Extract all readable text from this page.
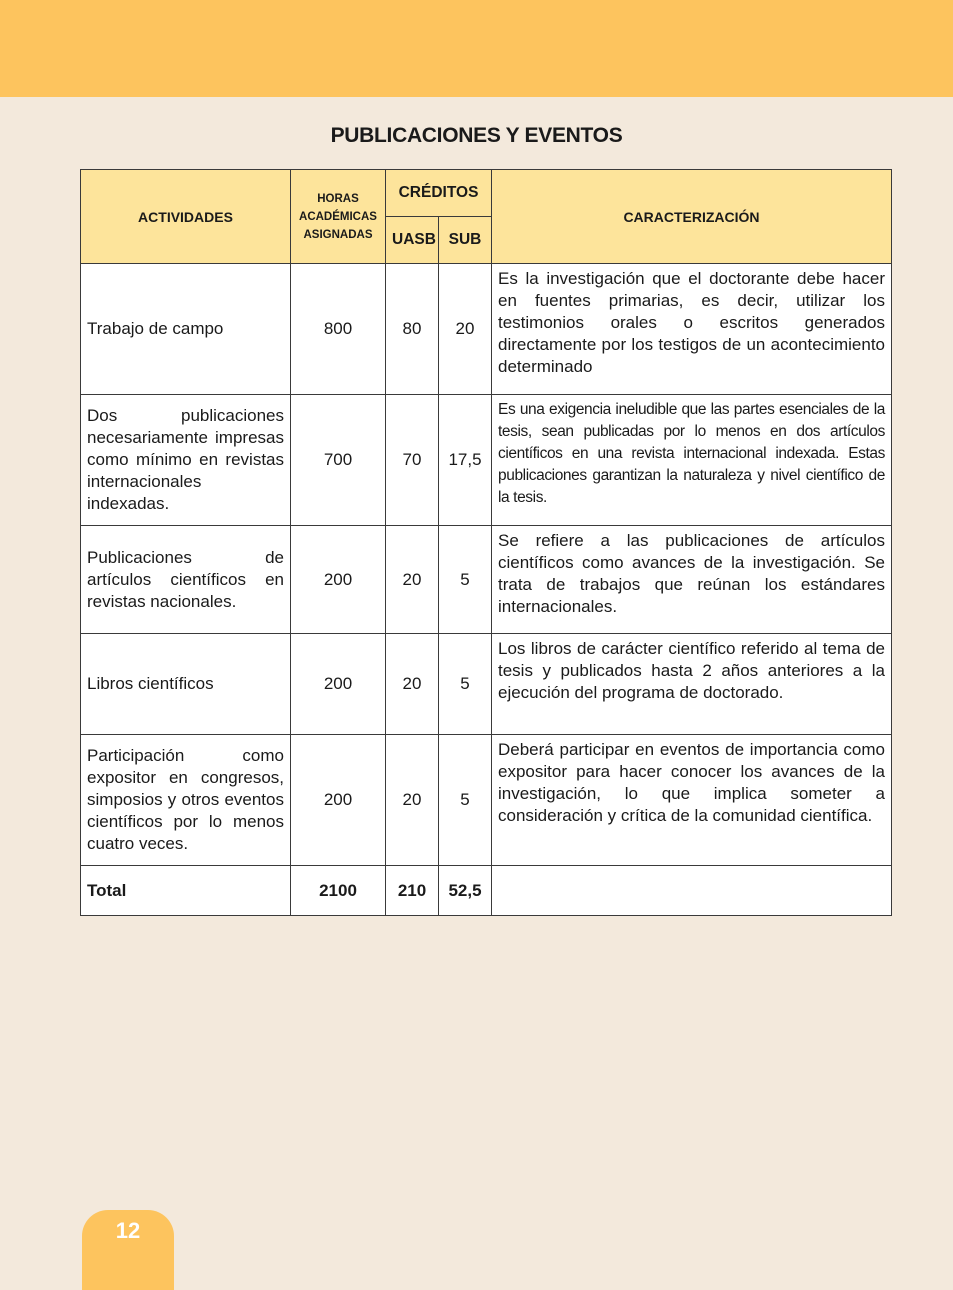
PUBLICACIONES Y EVENTOS
ACTIVIDADES	HORAS ACADÉMICAS ASIGNADAS	CRÉDITOS		CARACTERIZACIÓN
		UASB	SUB	
Trabajo de campo	800	80	20	Es la investigación que el doctorante debe hacer en fuentes primarias, es decir, utilizar los testimonios orales o escritos generados directamente por los testigos de un acontecimiento determinado
Dos publicaciones necesariamente impresas como mínimo en revistas internacionales indexadas.	700	70	17,5	Es una exigencia ineludible que las partes esenciales de la tesis, sean publicadas por lo menos en dos artículos científicos en una revista internacional indexada. Estas publicaciones garantizan la naturaleza y nivel científico de la tesis.
Publicaciones de artículos científicos en revistas nacionales.	200	20	5	Se refiere a las publicaciones de artículos científicos como avances de la investigación. Se trata de trabajos que reúnan los estándares internacionales.
Libros científicos	200	20	5	Los libros de carácter científico referido al tema de tesis y publicados hasta 2 años anteriores a la ejecución del programa de doctorado.
Participación como expositor en congresos, simposios y otros eventos científicos por lo menos cuatro veces.	200	20	5	Deberá participar en eventos de importancia como expositor para hacer conocer los avances de la investigación, lo que implica someter a consideración y crítica de la comunidad científica.
Total	2100	210	52,5	
12
